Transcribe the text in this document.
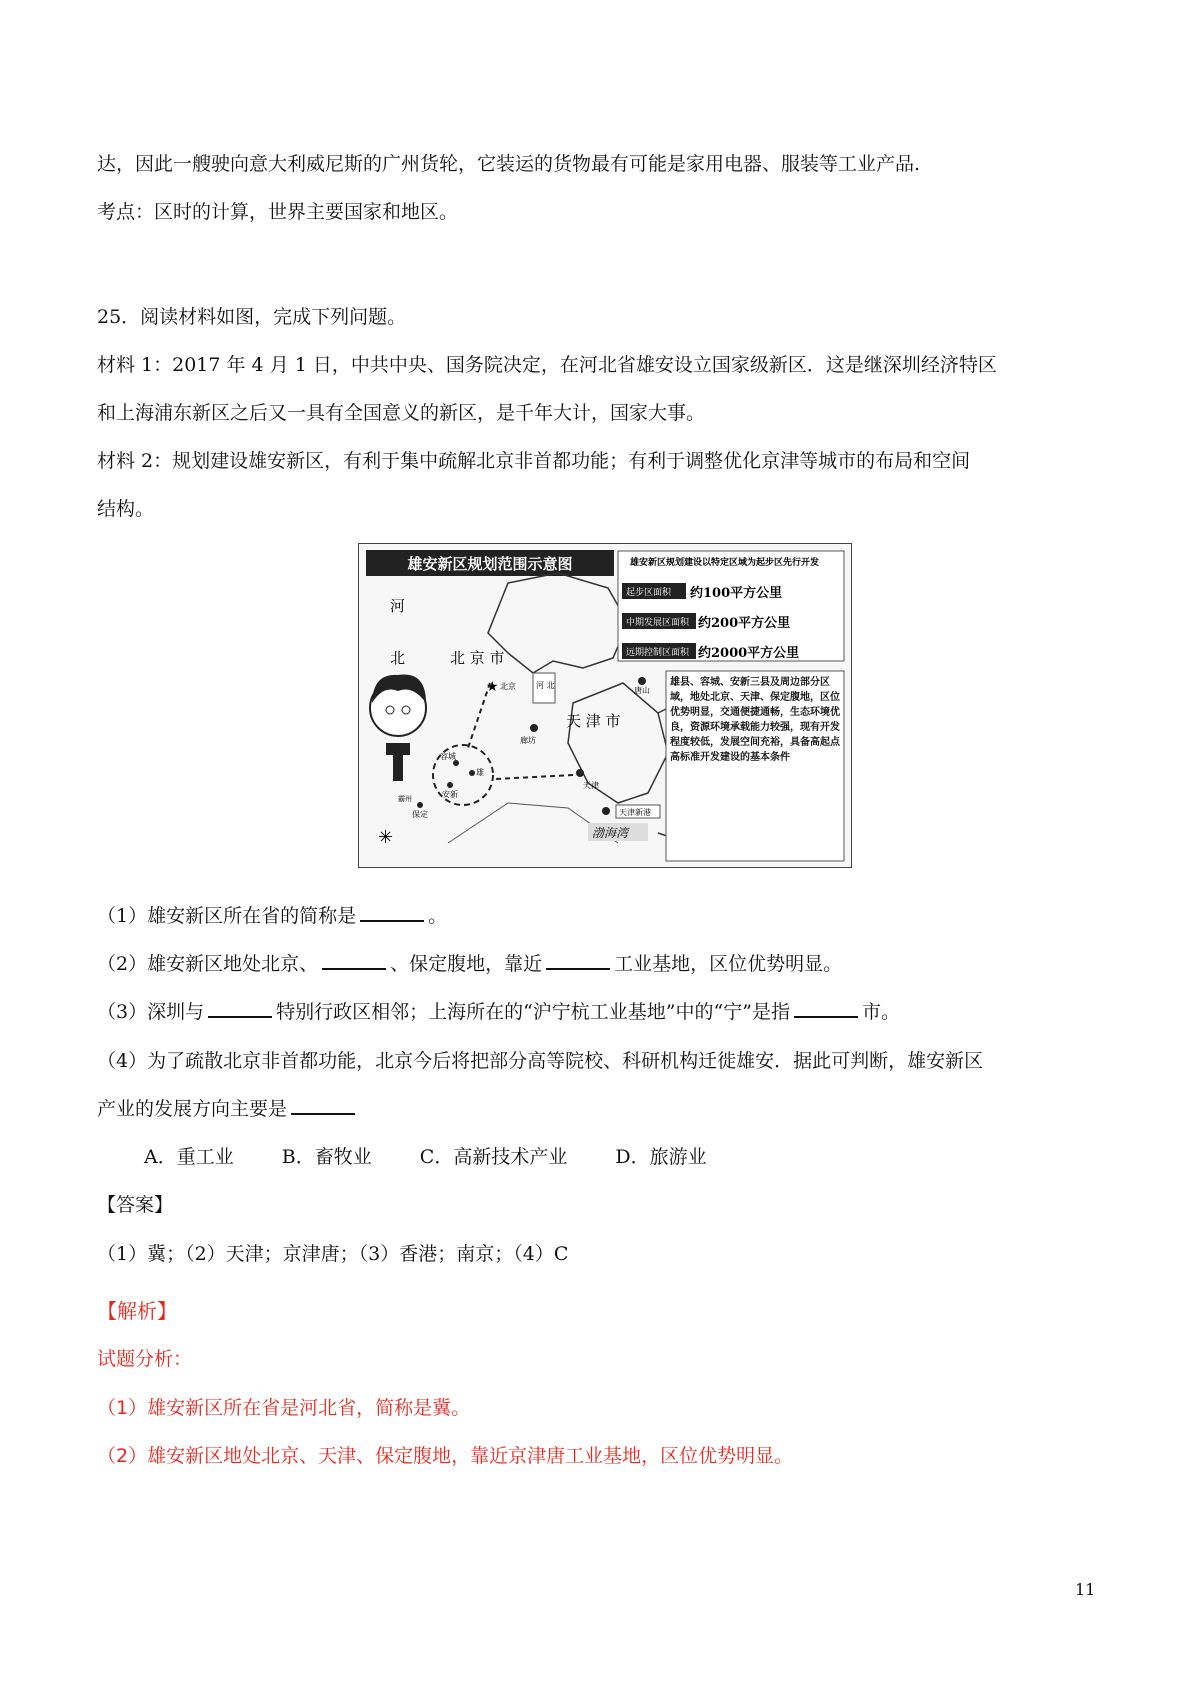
达，因此一艘驶向意大利威尼斯的广州货轮，它装运的货物最有可能是家用电器、服装等工业产品.
考点：区时的计算，世界主要国家和地区。
25．阅读材料如图，完成下列问题。
材料 1：2017 年 4 月 1 日，中共中央、国务院决定，在河北省雄安设立国家级新区．这是继深圳经济特区
和上海浦东新区之后又一具有全国意义的新区，是千年大计，国家大事。
材料 2：规划建设雄安新区，有利于集中疏解北京非首都功能；有利于调整优化京津等城市的布局和空间
结构。
雄安新区规划范围示意图
河
北	北 京 市
天 津 市
渤海湾
★ 北京	河 北
廊坊
唐山
天津
天津新港
容城
雄
安新
保定
霸州
✳
雄安新区规划建设以特定区域为起步区先行开发
起步区面积 约100平方公里
中期发展区面积 约200平方公里
远期控制区面积 约2000平方公里
雄县、容城、安新三县及周边部分区域，地处北京、天津、保定腹地，区位优势明显，交通便捷通畅，生态环境优良，资源环境承载能力较强，现有开发程度较低，发展空间充裕，具备高起点高标准开发建设的基本条件
（1）雄安新区所在省的简称是	。
（2）雄安新区地处北京、	、保定腹地，靠近	工业基地，区位优势明显。
（3）深圳与	特别行政区相邻；上海所在的“沪宁杭工业基地”中的“宁”是指	市。
（4）为了疏散北京非首都功能，北京今后将把部分高等院校、科研机构迁徙雄安．据此可判断，雄安新区
产业的发展方向主要是
A．重工业	B．畜牧业	C．高新技术产业	D．旅游业
【答案】
（1）冀；（2）天津；京津唐；（3）香港；南京；（4）C
【解析】
试题分析：
（1）雄安新区所在省是河北省，简称是冀。
（2）雄安新区地处北京、天津、保定腹地，靠近京津唐工业基地，区位优势明显。
11
